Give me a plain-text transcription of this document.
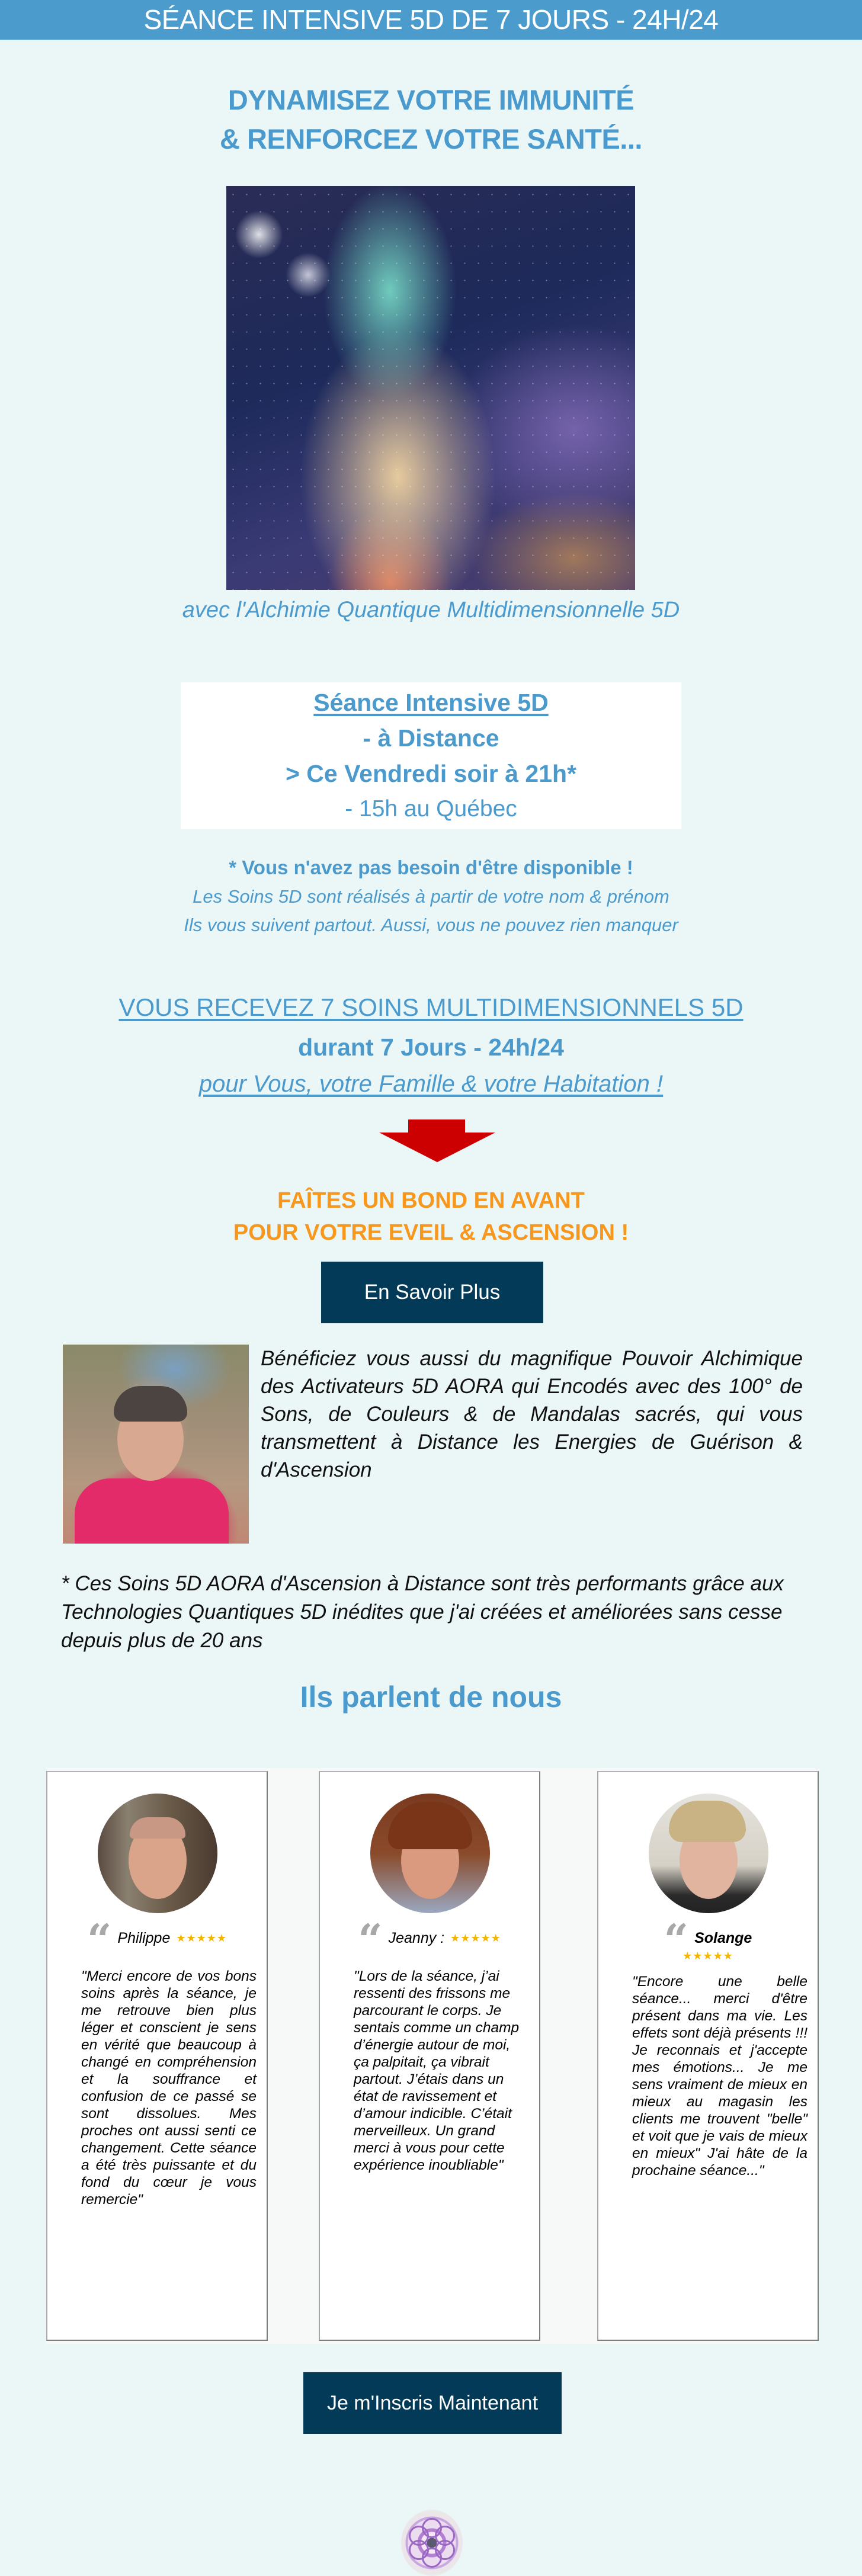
SÉANCE INTENSIVE 5D DE 7 JOURS - 24H/24
DYNAMISEZ VOTRE IMMUNITÉ
& RENFORCEZ VOTRE SANTÉ...
avec l'Alchimie Quantique Multidimensionnelle 5D
Séance Intensive 5D
- à Distance
> Ce Vendredi soir à 21h*
- 15h au Québec
* Vous n'avez pas besoin d'être disponible !
Les Soins 5D sont réalisés à partir de votre nom & prénom
Ils vous suivent partout. Aussi, vous ne pouvez rien manquer
VOUS RECEVEZ 7 SOINS MULTIDIMENSIONNELS 5D
durant 7 Jours - 24h/24
pour Vous, votre Famille & votre Habitation !
FAÎTES UN BOND EN AVANT
POUR VOTRE EVEIL & ASCENSION !
En Savoir Plus
Bénéficiez vous aussi du magnifique Pouvoir Alchimique des Activateurs 5D AORA qui Encodés avec des 100° de Sons, de Couleurs & de Mandalas sacrés, qui vous transmettent à Distance les Energies de Guérison & d'Ascension
* Ces Soins 5D AORA d'Ascension à Distance sont très performants grâce aux Technologies Quantiques 5D inédites que j'ai créées et améliorées sans cesse depuis plus de 20 ans
Ils parlent de nous
“ Philippe ★★★★★
"Merci encore de vos bons soins après la séance, je me retrouve bien plus léger et conscient je sens en vérité que beaucoup à changé en compréhension et la souffrance et confusion de ce passé se sont dissolues. Mes proches ont aussi senti ce changement. Cette séance a été très puissante et du fond du cœur je vous remercie"
“ Jeanny : ★★★★★
"Lors de la séance, j’ai ressenti des frissons me parcourant le corps. Je sentais comme un champ d’énergie autour de moi, ça palpitait, ça vibrait partout. J’étais dans un état de ravissement et d’amour indicible. C’était merveilleux. Un grand merci à vous pour cette expérience inoubliable"
“ Solange
★★★★★
"Encore une belle séance... merci d'être présent dans ma vie. Les effets sont déjà présents !!! Je reconnais et j'accepte mes émotions... Je me sens vraiment de mieux en mieux au magasin les clients me trouvent "belle" et voit que je vais de mieux en mieux" J'ai hâte de la prochaine séance..."
Je m'Inscris Maintenant
